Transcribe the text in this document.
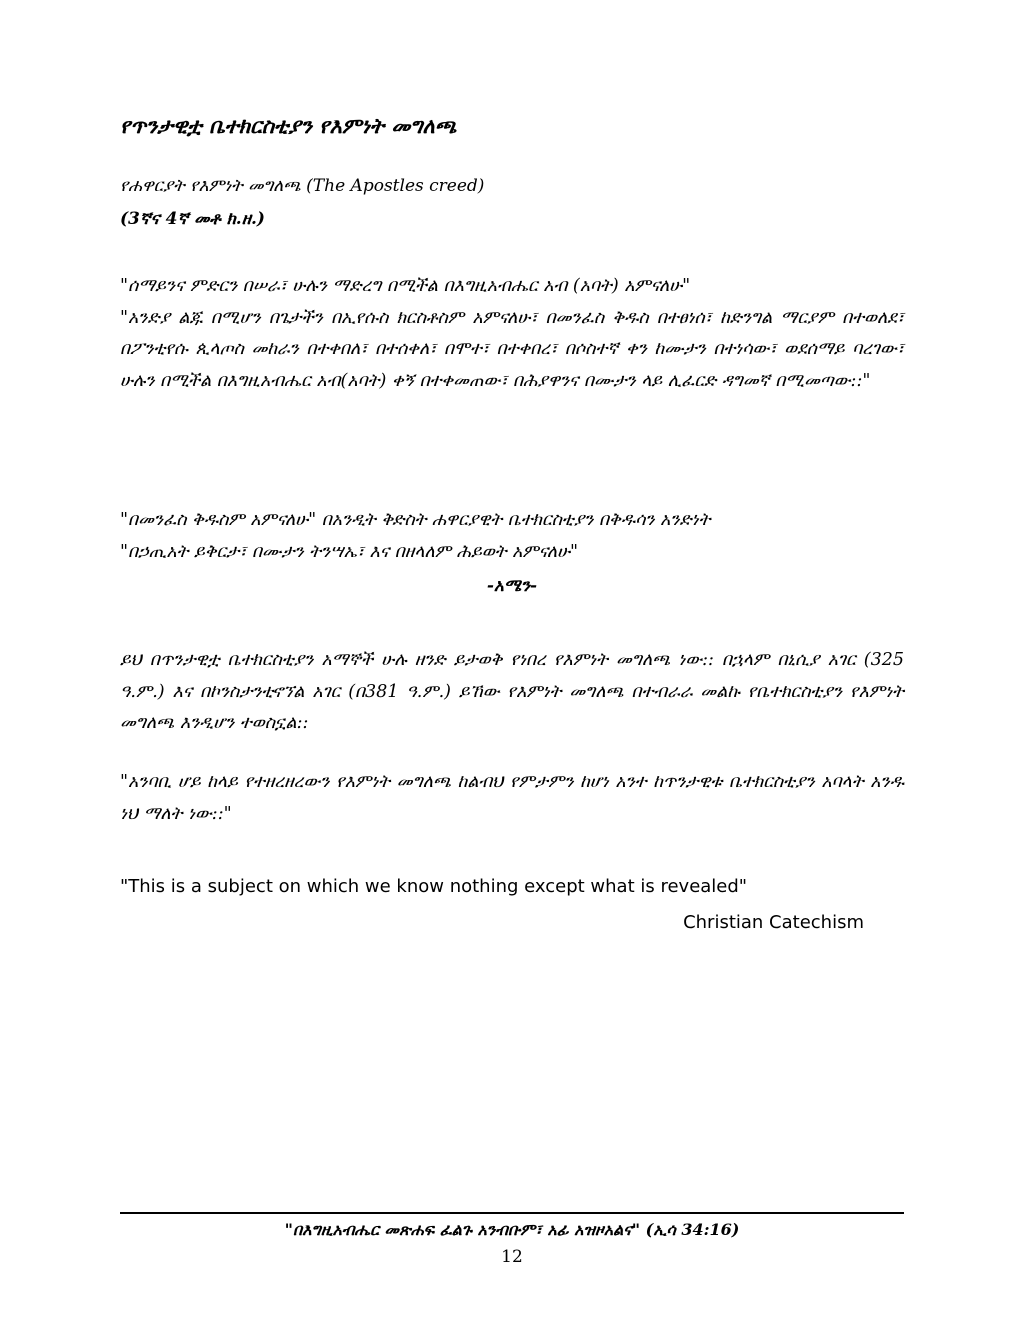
የጥንታዊቷ ቤተክርስቲያን የእምነት መግለጫ
የሐዋርያት የእምነት መግለጫ (The Apostles creed)
(3ኛና 4ኛ መቶ ክ.ዘ.)

"ሰማይንና ምድርን በሠራ፣ ሁሉን ማድረግ በሚችል በእግዚአብሔር አብ (አባት) አምናለሁ"

"አንድያ ልጁ በሚሆን በጌታችን በኢየሱስ ክርስቶስም አምናለሁ፣ በመንፈስ ቅዱስ በተፀነሰ፣ ከድንግል ማርያም በተወለደ፣ በፖንቲየሱ ጲላጦስ መከራን በተቀበለ፣ በተሰቀለ፣ በሞተ፣ በተቀበረ፣ በሶስተኛ ቀን ከሙታን በተነሳው፣ ወደሰማይ ባረገው፣ ሁሉን በሚችል በእግዚአብሔር አብ(አባት) ቀኝ በተቀመጠው፣ በሕያዋንና በሙታን ላይ ሊፈርድ ዳግመኛ በሚመጣው::"

"በመንፈስ ቅዱስም አምናለሁ" በአንዲት ቅድስት ሐዋርያዊት ቤተክርስቲያን በቅዱሳን አንድነት

"በኃጢአት ይቅርታ፣ በሙታን ትንሣኤ፣ እና በዘላለም ሕይወት አምናለሁ"

-አሜን-

ይህ በጥንታዊቷ ቤተክርስቲያን አማኞች ሁሉ ዘንድ ይታወቅ የነበረ የእምነት መግለጫ ነው:: በኋላም በኒሲያ አገር (325 ዓ.ም.) እና በኮንስታንቲኖኘል አገር (በ381 ዓ.ም.) ይኸው የእምነት መግለጫ በተብራራ መልኩ የቤተክርስቲያን የእምነት መግለጫ እንዲሆን ተወስኗል::

"አንባቢ ሆይ ከላይ የተዘረዘረውን የእምነት መግለጫ ከልብህ የምታምን ከሆነ አንተ ከጥንታዊቱ ቤተክርስቲያን አባላት አንዱ ነህ ማለት ነው::"

"This is a subject on which we know nothing except what is revealed"
Christian Catechism
"በእግዚአብሔር መጽሐፍ ፈልጉ አንብቡም፣ አፊ አዝዞአልና" (ኢሳ 34:16)
12
